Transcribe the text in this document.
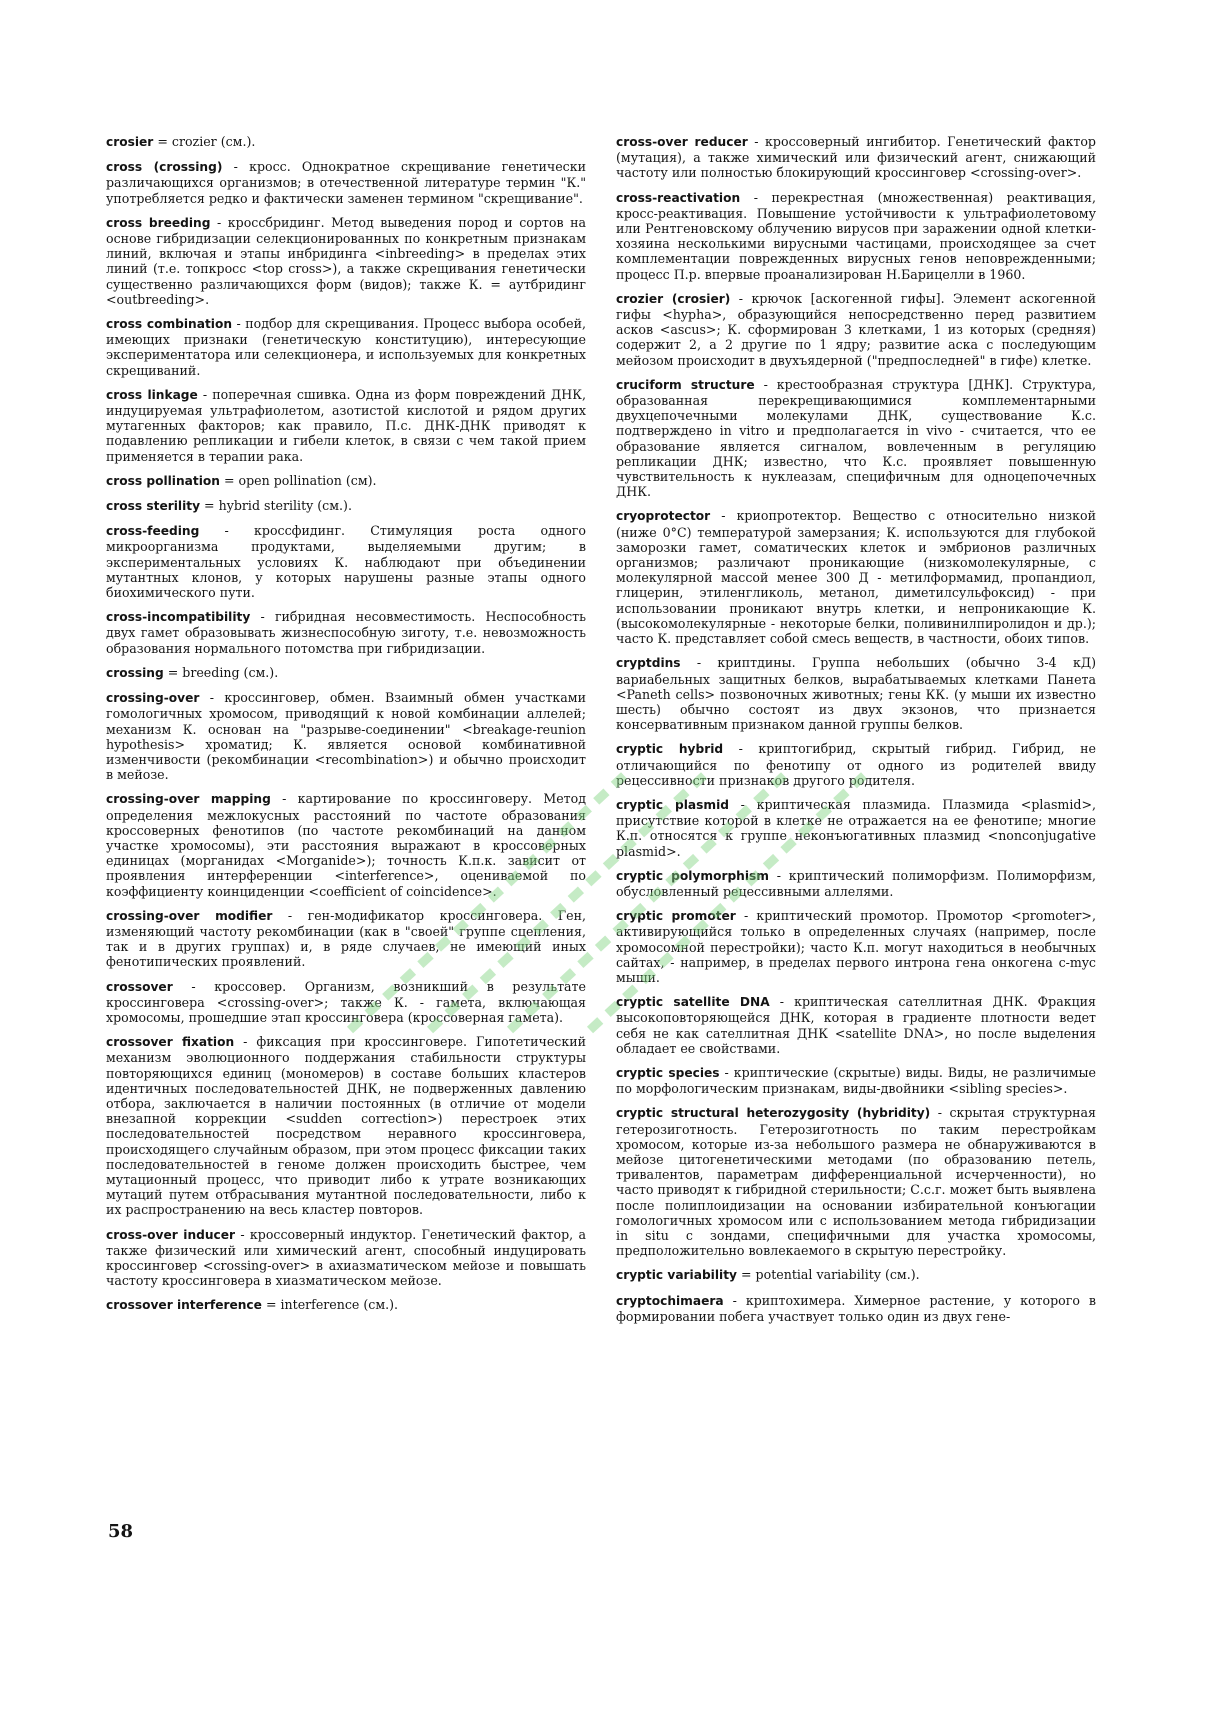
crosier = crozier (см.).

cross (crossing) - кросс. Однократное скрещивание генетически различающихся организмов; в отечественной литературе термин "К." употребляется редко и фактически заменен термином "скрещивание".

cross breeding - кроссбридинг. Метод выведения пород и сортов на основе гибридизации селекционированных по конкретным признакам линий, включая и этапы инбридинга <inbreeding> в пределах этих линий (т.е. топкросс <top cross>), а также скрещивания генетически существенно различающихся форм (видов); также К. = аутбридинг <outbreeding>.

cross combination - подбор для скрещивания. Процесс выбора особей, имеющих признаки (генетическую конституцию), интересующие экспериментатора или селекционера, и используемых для конкретных скрещиваний.

cross linkage - поперечная сшивка. Одна из форм повреждений ДНК, индуцируемая ультрафиолетом, азотистой кислотой и рядом других мутагенных факторов; как правило, П.с. ДНК-ДНК приводят к подавлению репликации и гибели клеток, в связи с чем такой прием применяется в терапии рака.

cross pollination = open pollination (см).

cross sterility = hybrid sterility (см.).

cross-feeding - кроссфидинг. Стимуляция роста одного микроорганизма продуктами, выделяемыми другим; в экспериментальных условиях К. наблюдают при объединении мутантных клонов, у которых нарушены разные этапы одного биохимического пути.

cross-incompatibility - гибридная несовместимость. Неспособность двух гамет образовывать жизнеспособную зиготу, т.е. невозможность образования нормального потомства при гибридизации.

crossing = breeding (см.).

crossing-over - кроссинговер, обмен. Взаимный обмен участками гомологичных хромосом, приводящий к новой комбинации аллелей; механизм К. основан на "разрыве-соединении" <breakage-reunion hypothesis> хроматид; К. является основой комбинативной изменчивости (рекомбинации <recombination>) и обычно происходит в мейозе.

crossing-over mapping - картирование по кроссинговеру. Метод определения межлокусных расстояний по частоте образования кроссоверных фенотипов (по частоте рекомбинаций на данном участке хромосомы), эти расстояния выражают в кроссоверных единицах (морганидах <Morganide>); точность К.п.к. зависит от проявления интерференции <interference>, оцениваемой по коэффициенту коинциденции <coefficient of coincidence>.

crossing-over modifier - ген-модификатор кроссинговера. Ген, изменяющий частоту рекомбинации (как в "своей" группе сцепления, так и в других группах) и, в ряде случаев, не имеющий иных фенотипических проявлений.

crossover - кроссовер. Организм, возникший в результате кроссинговера <crossing-over>; также К. - гамета, включающая хромосомы, прошедшие этап кроссинговера (кроссоверная гамета).

crossover fixation - фиксация при кроссинговере. Гипотетический механизм эволюционного поддержания стабильности структуры повторяющихся единиц (мономеров) в составе больших кластеров идентичных последовательностей ДНК, не подверженных давлению отбора, заключается в наличии постоянных (в отличие от модели внезапной коррекции <sudden correction>) перестроек этих последовательностей посредством неравного кроссинговера, происходящего случайным образом, при этом процесс фиксации таких последовательностей в геноме должен происходить быстрее, чем мутационный процесс, что приводит либо к утрате возникающих мутаций путем отбрасывания мутантной последовательности, либо к их распространению на весь кластер повторов.

cross-over inducer - кроссоверный индуктор. Генетический фактор, а также физический или химический агент, способный индуцировать кроссинговер <crossing-over> в ахиазматическом мейозе и повышать частоту кроссинговера в хиазматическом мейозе.

crossover interference = interference (см.).

cross-over reducer - кроссоверный ингибитор. Генетический фактор (мутация), а также химический или физический агент, снижающий частоту или полностью блокирующий кроссинговер <crossing-over>.

cross-reactivation - перекрестная (множественная) реактивация, кросс-реактивация. Повышение устойчивости к ультрафиолетовому или Рентгеновскому облучению вирусов при заражении одной клетки-хозяина несколькими вирусными частицами, происходящее за счет комплементации поврежденных вирусных генов неповрежденными; процесс П.р. впервые проанализирован Н.Барицелли в 1960.

crozier (crosier) - крючок [аскогенной гифы]. Элемент аскогенной гифы <hypha>, образующийся непосредственно перед развитием асков <ascus>; К. сформирован 3 клетками, 1 из которых (средняя) содержит 2, а 2 другие по 1 ядру; развитие аска с последующим мейозом происходит в двухъядерной ("предпоследней" в гифе) клетке.

cruciform structure - крестообразная структура [ДНК]. Структура, образованная перекрещивающимися комплементарными двухцепочечными молекулами ДНК, существование К.с. подтверждено in vitro и предполагается in vivo - считается, что ее образование является сигналом, вовлеченным в регуляцию репликации ДНК; известно, что К.с. проявляет повышенную чувствительность к нуклеазам, специфичным для одноцепочечных ДНК.

cryoprotector - криопротектор. Вещество с относительно низкой (ниже 0°С) температурой замерзания; К. используются для глубокой заморозки гамет, соматических клеток и эмбрионов различных организмов; различают проникающие (низкомолекулярные, с молекулярной массой менее 300 Д - метилформамид, пропандиол, глицерин, этиленгликоль, метанол, диметилсульфоксид) - при использовании проникают внутрь клетки, и непроникающие К. (высокомолекулярные - некоторые белки, поливинилпиролидон и др.); часто К. представляет собой смесь веществ, в частности, обоих типов.

cryptdins - криптдины. Группа небольших (обычно 3-4 кД) вариабельных защитных белков, вырабатываемых клетками Панета <Paneth cells> позвоночных животных; гены КК. (у мыши их известно шесть) обычно состоят из двух экзонов, что признается консервативным признаком данной группы белков.

cryptic hybrid - криптогибрид, скрытый гибрид. Гибрид, не отличающийся по фенотипу от одного из родителей ввиду рецессивности признаков другого родителя.

cryptic plasmid - криптическая плазмида. Плазмида <plasmid>, присутствие которой в клетке не отражается на ее фенотипе; многие К.п. относятся к группе неконъюгативных плазмид <nonconjugative plasmid>.

cryptic polymorphism - криптический полиморфизм. Полиморфизм, обусловленный рецессивными аллелями.

cryptic promoter - криптический промотор. Промотор <promoter>, активирующийся только в определенных случаях (например, после хромосомной перестройки); часто К.п. могут находиться в необычных сайтах, - например, в пределах первого интрона гена онкогена с-myc мыши.

cryptic satellite DNA - криптическая сателлитная ДНК. Фракция высокоповторяющейся ДНК, которая в градиенте плотности ведет себя не как сателлитная ДНК <satellite DNA>, но после выделения обладает ее свойствами.

cryptic species - криптические (скрытые) виды. Виды, не различимые по морфологическим признакам, виды-двойники <sibling species>.

cryptic structural heterozygosity (hybridity) - скрытая структурная гетерозиготность. Гетерозиготность по таким перестройкам хромосом, которые из-за небольшого размера не обнаруживаются в мейозе цитогенетическими методами (по образованию петель, тривалентов, параметрам дифференциальной исчерченности), но часто приводят к гибридной стерильности; С.с.г. может быть выявлена после полиплоидизации на основании избирательной конъюгации гомологичных хромосом или с использованием метода гибридизации in situ с зондами, специфичными для участка хромосомы, предположительно вовлекаемого в скрытую перестройку.

cryptic variability = potential variability (см.).

cryptochimaera - криптохимера. Химерное растение, у которого в формировании побега участвует только один из двух гене-

58
